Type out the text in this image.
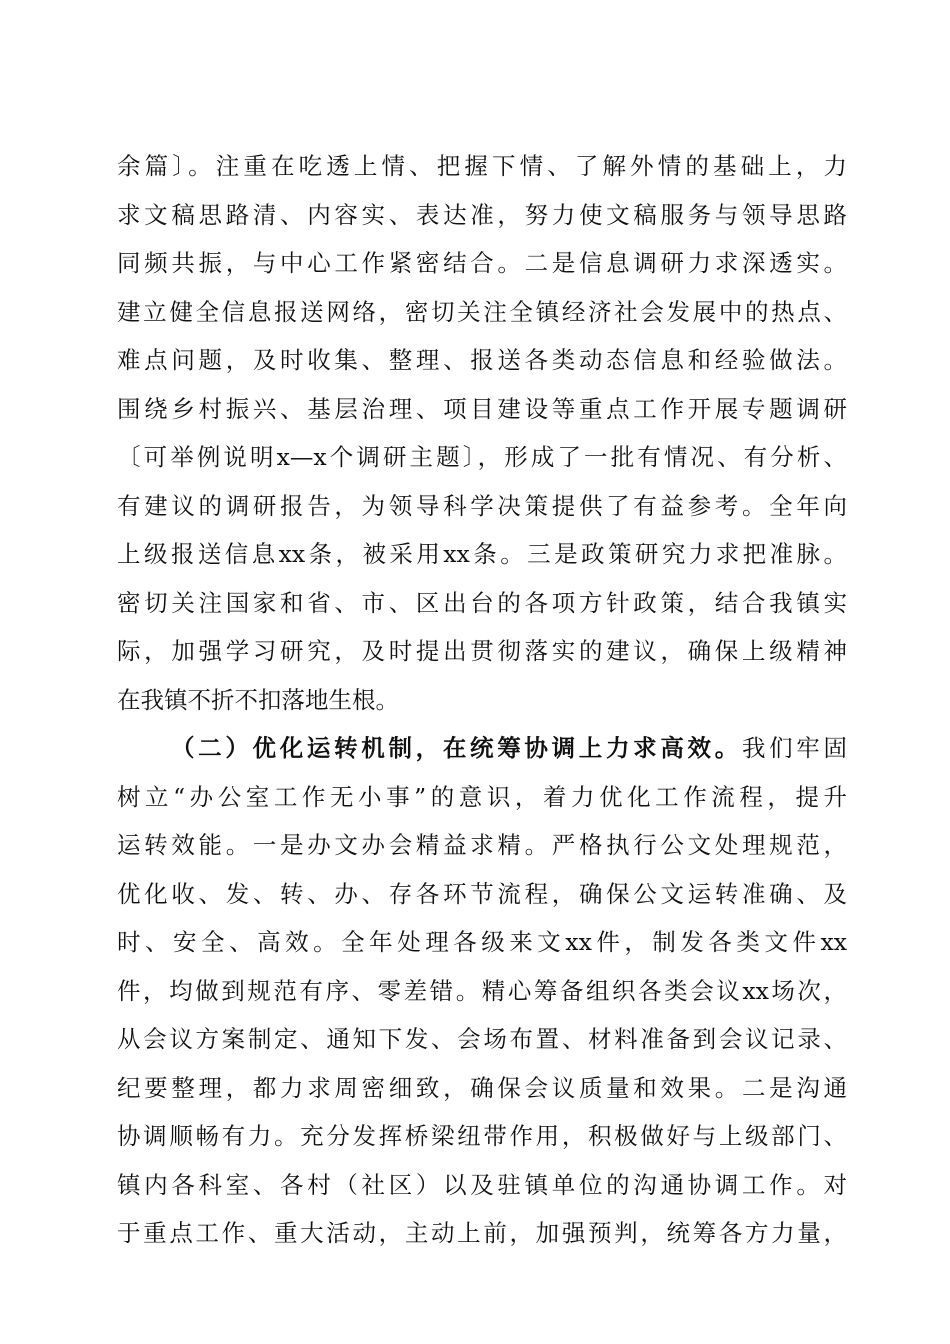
余篇〕。注重在吃透上情、把握下情、了解外情的基础上，力
求文稿思路清、内容实、表达准，努力使文稿服务与领导思路
同频共振，与中心工作紧密结合。二是信息调研力求深透实。
建立健全信息报送网络，密切关注全镇经济社会发展中的热点、
难点问题，及时收集、整理、报送各类动态信息和经验做法。
围绕乡村振兴、基层治理、项目建设等重点工作开展专题调研
〔可举例说明x—x个调研主题〕，形成了一批有情况、有分析、
有建议的调研报告，为领导科学决策提供了有益参考。全年向
上级报送信息xx条，被采用xx条。三是政策研究力求把准脉。
密切关注国家和省、市、区出台的各项方针政策，结合我镇实
际，加强学习研究，及时提出贯彻落实的建议，确保上级精神
在我镇不折不扣落地生根。
（二）优化运转机制，在统筹协调上力求高效。我们牢固
树立“办公室工作无小事”的意识，着力优化工作流程，提升
运转效能。一是办文办会精益求精。严格执行公文处理规范，
优化收、发、转、办、存各环节流程，确保公文运转准确、及
时、安全、高效。全年处理各级来文xx件，制发各类文件xx
件，均做到规范有序、零差错。精心筹备组织各类会议xx场次，
从会议方案制定、通知下发、会场布置、材料准备到会议记录、
纪要整理，都力求周密细致，确保会议质量和效果。二是沟通
协调顺畅有力。充分发挥桥梁纽带作用，积极做好与上级部门、
镇内各科室、各村（社区）以及驻镇单位的沟通协调工作。对
于重点工作、重大活动，主动上前，加强预判，统筹各方力量，
